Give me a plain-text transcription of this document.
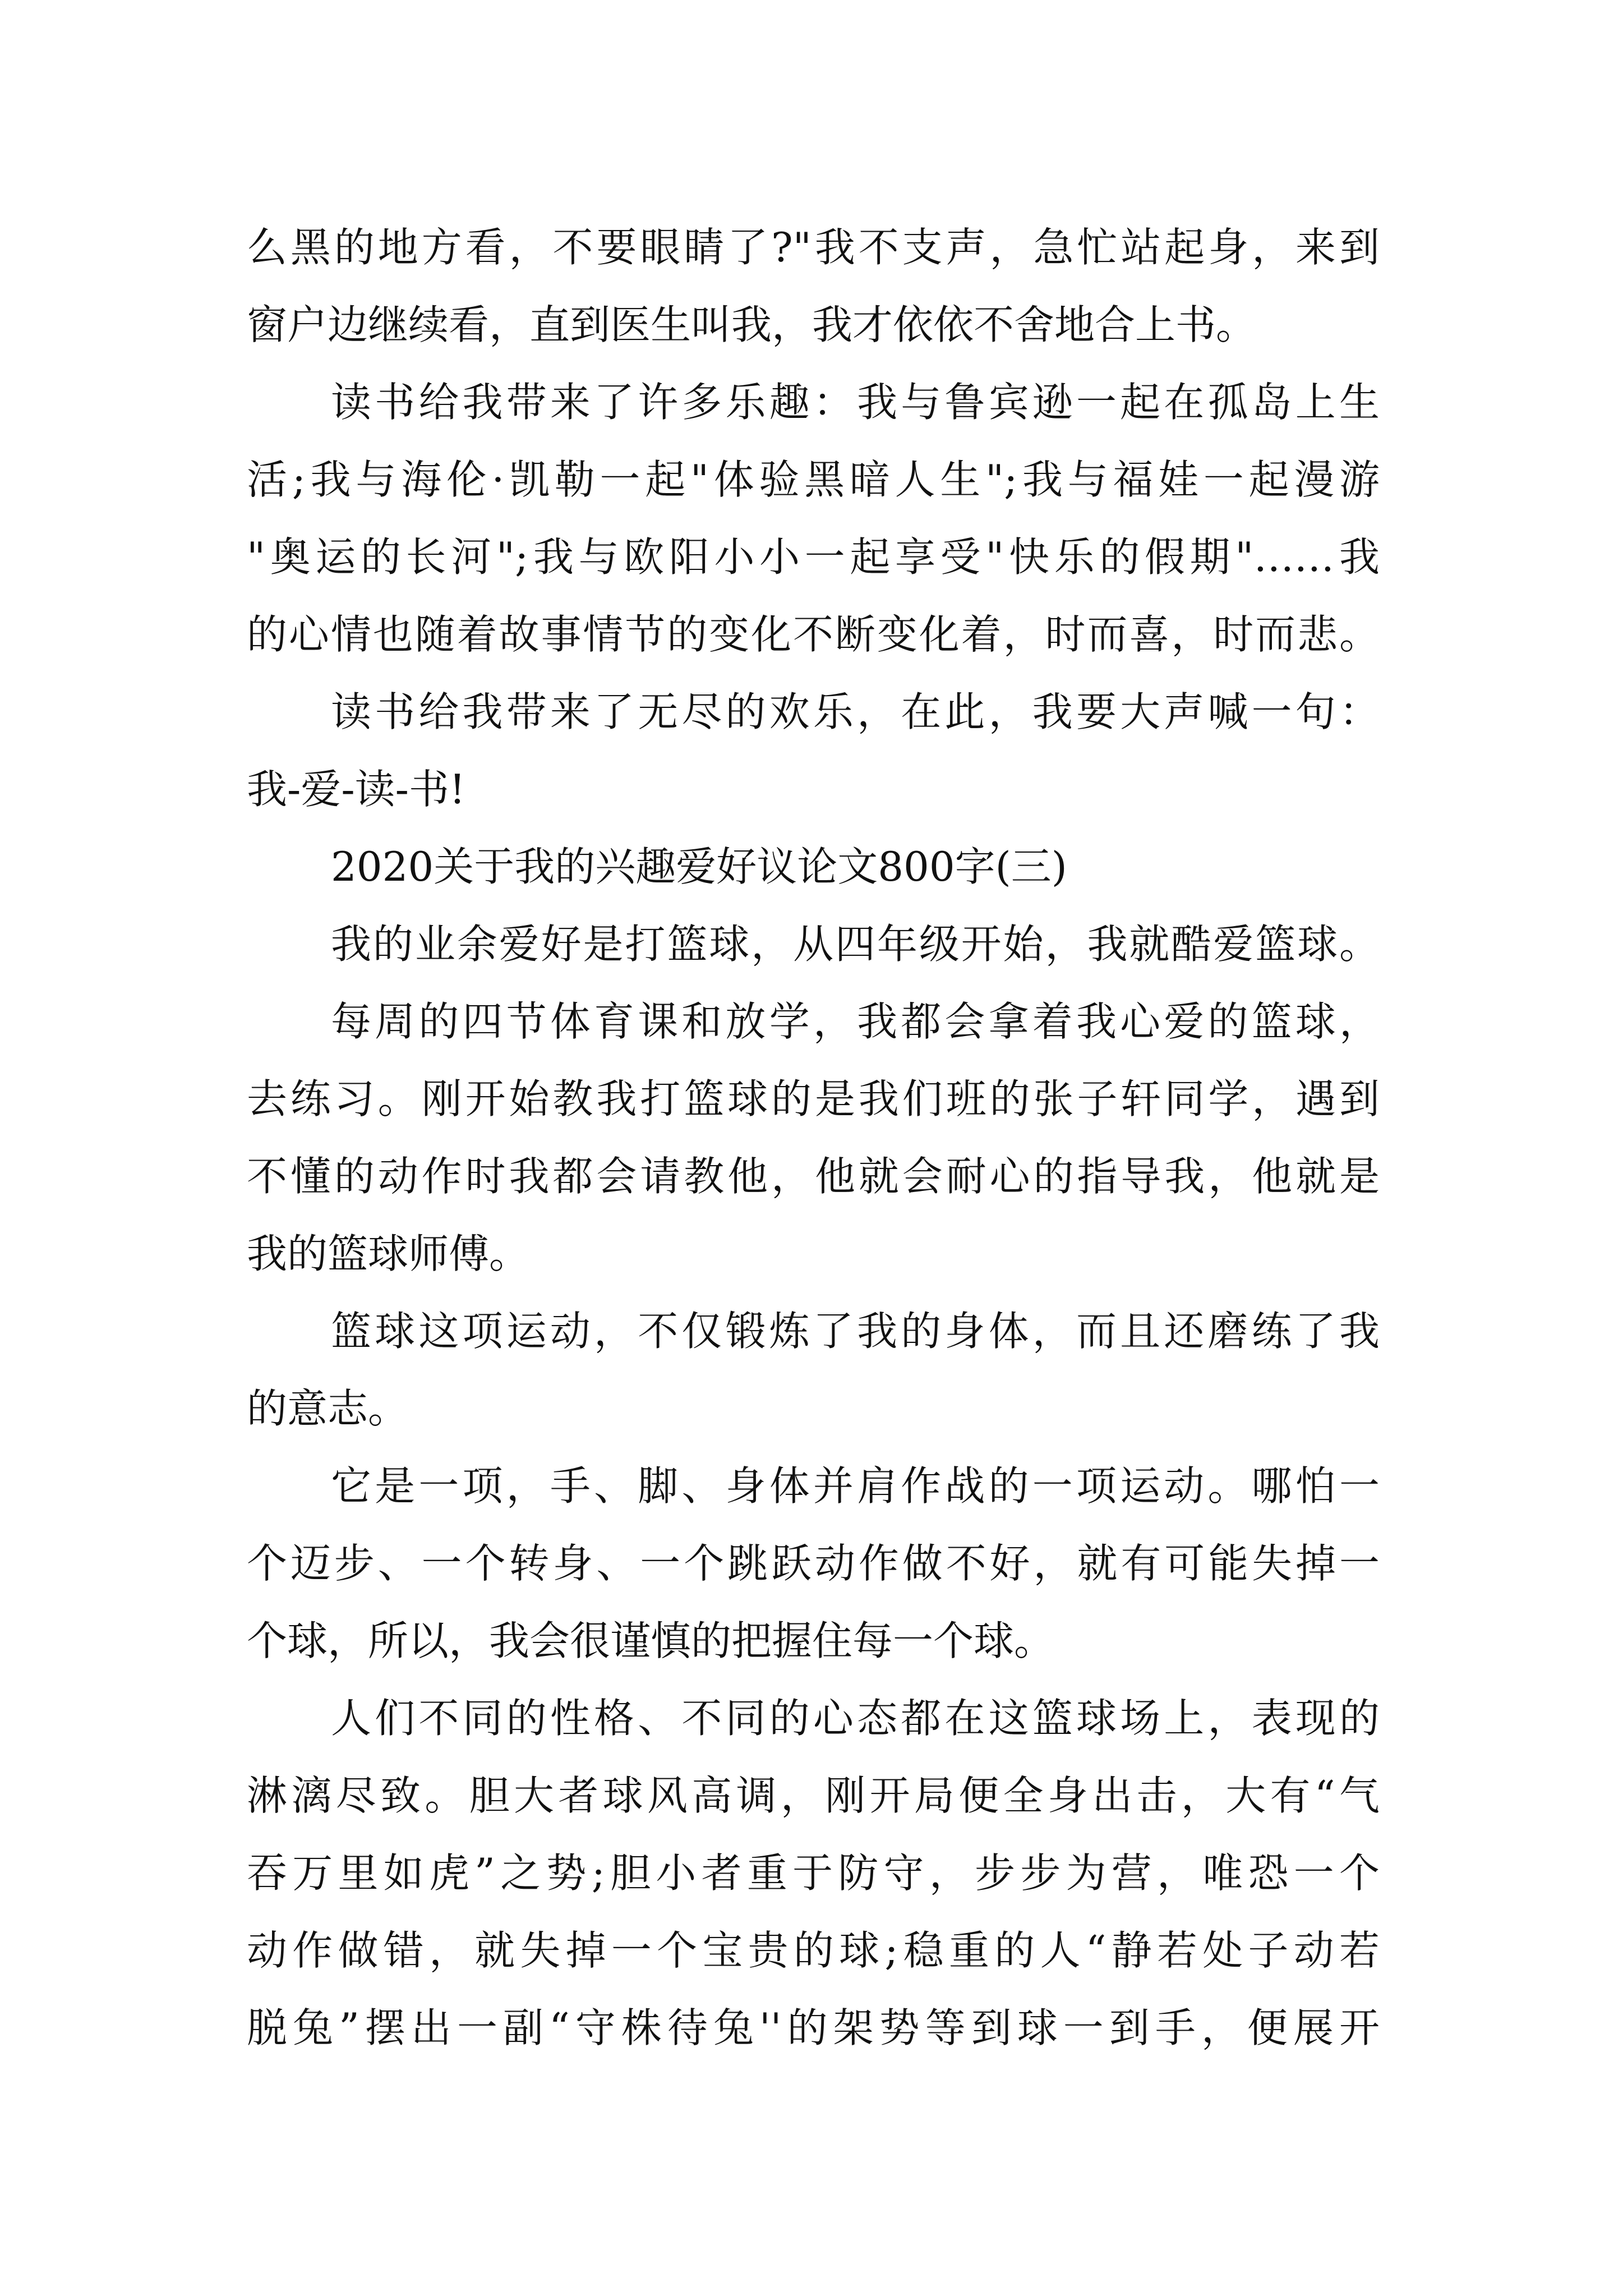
么黑的地方看，不要眼睛了?"我不支声，急忙站起身，来到
窗户边继续看，直到医生叫我，我才依依不舍地合上书。
读书给我带来了许多乐趣：我与鲁宾逊一起在孤岛上生
活;我与海伦·凯勒一起"体验黑暗人生";我与福娃一起漫游
"奥运的长河";我与欧阳小小一起享受"快乐的假期"……我
的心情也随着故事情节的变化不断变化着，时而喜，时而悲。
读书给我带来了无尽的欢乐，在此，我要大声喊一句：
我-爱-读-书!
2020关于我的兴趣爱好议论文800字(三)
我的业余爱好是打篮球，从四年级开始，我就酷爱篮球。
每周的四节体育课和放学，我都会拿着我心爱的篮球，
去练习。刚开始教我打篮球的是我们班的张子轩同学，遇到
不懂的动作时我都会请教他，他就会耐心的指导我，他就是
我的篮球师傅。
篮球这项运动，不仅锻炼了我的身体，而且还磨练了我
的意志。
它是一项，手、脚、身体并肩作战的一项运动。哪怕一
个迈步、一个转身、一个跳跃动作做不好，就有可能失掉一
个球，所以，我会很谨慎的把握住每一个球。
人们不同的性格、不同的心态都在这篮球场上，表现的
淋漓尽致。胆大者球风高调，刚开局便全身出击，大有“气
吞万里如虎”之势;胆小者重于防守，步步为营，唯恐一个
动作做错，就失掉一个宝贵的球;稳重的人“静若处子动若
脱兔”摆出一副“守株待兔''的架势等到球一到手，便展开
